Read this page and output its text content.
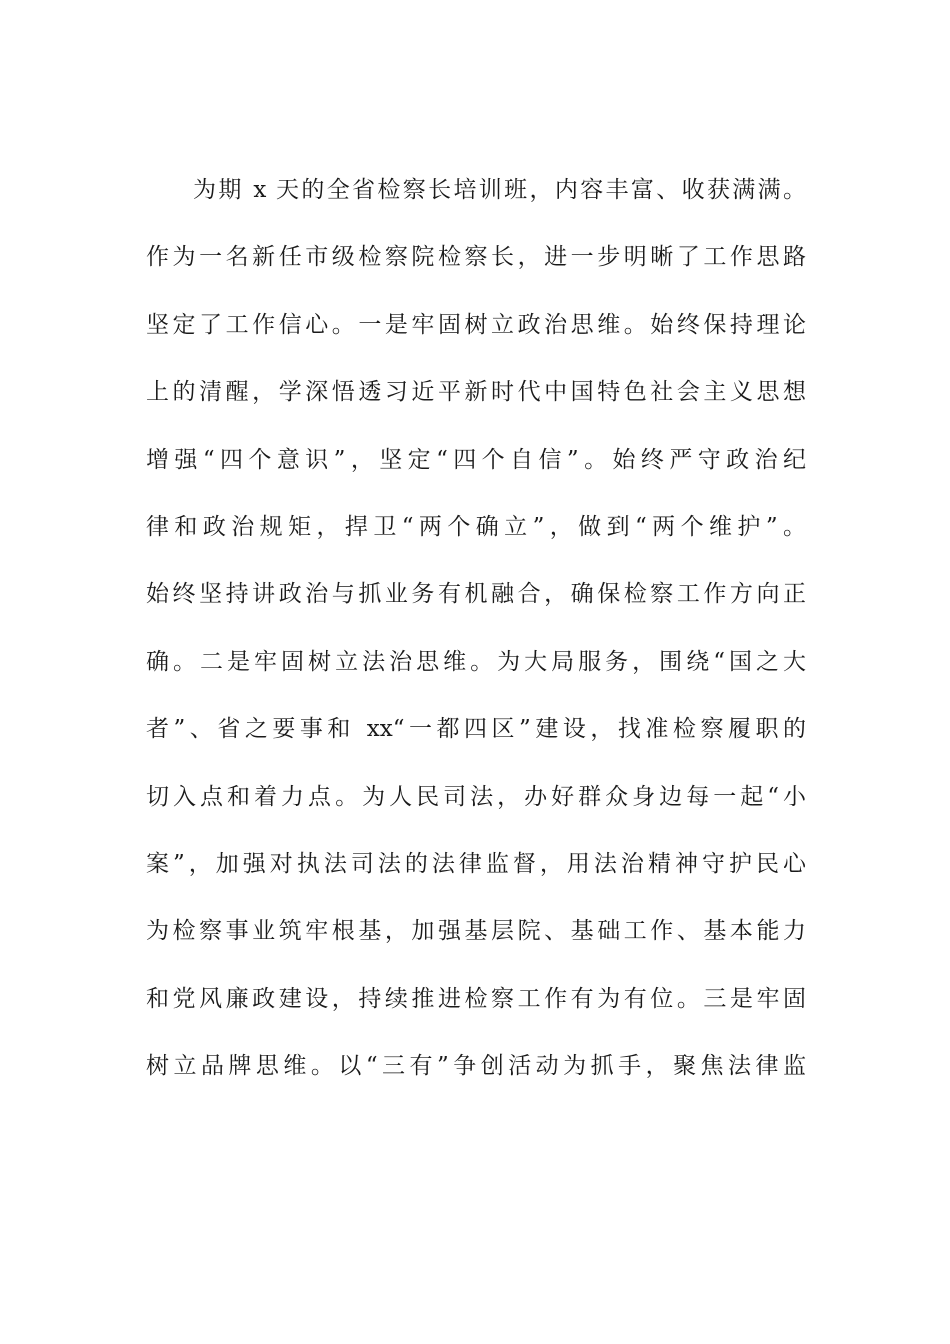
为期 x 天的全省检察长培训班，内容丰富、收获满满。
作为一名新任市级检察院检察长，进一步明晰了工作思路
坚定了工作信心。一是牢固树立政治思维。始终保持理论
上的清醒，学深悟透习近平新时代中国特色社会主义思想
增强“四个意识”，坚定“四个自信”。始终严守政治纪
律和政治规矩，捍卫“两个确立”，做到“两个维护”。
始终坚持讲政治与抓业务有机融合，确保检察工作方向正
确。二是牢固树立法治思维。为大局服务，围绕“国之大
者”、省之要事和 xx“一都四区”建设，找准检察履职的
切入点和着力点。为人民司法，办好群众身边每一起“小
案”，加强对执法司法的法律监督，用法治精神守护民心
为检察事业筑牢根基，加强基层院、基础工作、基本能力
和党风廉政建设，持续推进检察工作有为有位。三是牢固
树立品牌思维。以“三有”争创活动为抓手，聚焦法律监
